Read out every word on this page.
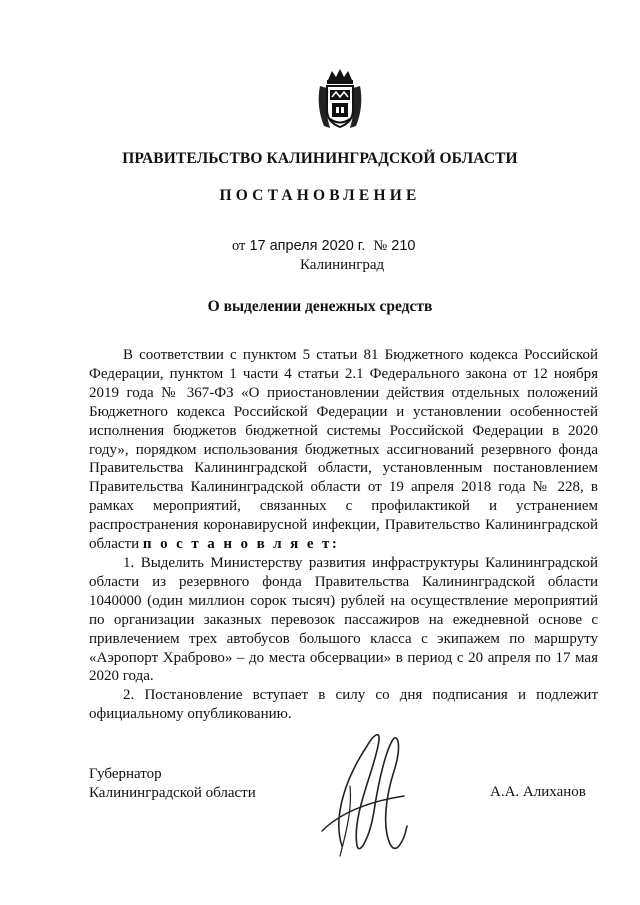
ПРАВИТЕЛЬСТВО КАЛИНИНГРАДСКОЙ ОБЛАСТИ
ПОСТАНОВЛЕНИЕ
от 17 апреля 2020 г. № 210
Калининград
О выделении денежных средств

В соответствии с пунктом 5 статьи 81 Бюджетного кодекса Российской Федерации, пунктом 1 части 4 статьи 2.1 Федерального закона от 12 ноября 2019 года № 367-ФЗ «О приостановлении действия отдельных положений Бюджетного кодекса Российской Федерации и установлении особенностей исполнения бюджетов бюджетной системы Российской Федерации в 2020 году», порядком использования бюджетных ассигнований резервного фонда Правительства Калининградской области, установленным постановлением Правительства Калининградской области от 19 апреля 2018 года № 228, в рамках мероприятий, связанных с профилактикой и устранением распространения коронавирусной инфекции, Правительство Калининградской области п о с т а н о в л я е т:

1. Выделить Министерству развития инфраструктуры Калининградской области из резервного фонда Правительства Калининградской области 1040000 (один миллион сорок тысяч) рублей на осуществление мероприятий по организации заказных перевозок пассажиров на ежедневной основе с привлечением трех автобусов большого класса с экипажем по маршруту «Аэропорт Храброво» – до места обсервации» в период с 20 апреля по 17 мая 2020 года.

2. Постановление вступает в силу со дня подписания и подлежит официальному опубликованию.

Губернатор
Калининградской области	А.А. Алиханов
